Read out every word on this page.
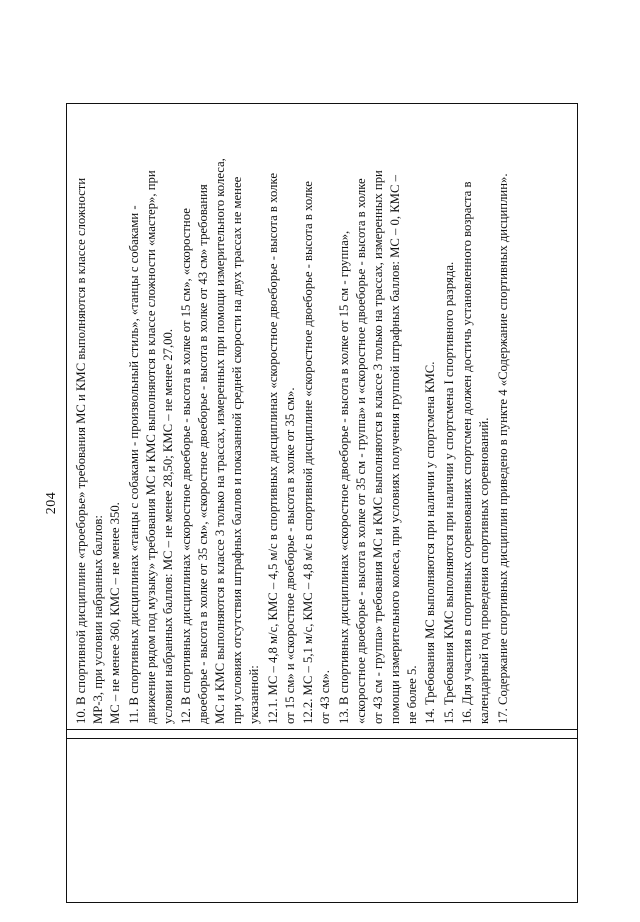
204 10. В спортивной дисциплине «троеборье» требования МС и КМС выполняются в классе сложности МР-3, при условии набранных баллов: МС – не менее 360, КМС – не менее 350. 11. В спортивных дисциплинах «танцы с собаками - произвольный стиль», «танцы с собаками - движение рядом под музыку» требования МС и КМС выполняются в классе сложности «мастер», при условии набранных баллов: МС – не менее 28,50; КМС – не менее 27,00. 12. В спортивных дисциплинах «скоростное двоеборье - высота в холке от 15 см», «скоростное двоеборье - высота в холке от 35 см», «скоростное двоеборье - высота в холке от 43 см» требования МС и КМС выполняются в классе 3 только на трассах, измеренных при помощи измерительного колеса, при условиях отсутствия штрафных баллов и показанной средней скорости на двух трассах не менее указанной: 12.1. МС – 4,8 м/с, КМС – 4,5 м/с в спортивных дисциплинах «скоростное двоеборье - высота в холке от 15 см» и «скоростное двоеборье - высота в холке от 35 см». 12.2. МС – 5,1 м/с, КМС – 4,8 м/с в спортивной дисциплине «скоростное двоеборье - высота в холке от 43 см». 13. В спортивных дисциплинах «скоростное двоеборье - высота в холке от 15 см - группа», «скоростное двоеборье - высота в холке от 35 см - группа» и «скоростное двоеборье - высота в холке от 43 см - группа» требования МС и КМС выполняются в классе 3 только на трассах, измеренных при помощи измерительного колеса, при условиях получения группой штрафных баллов: МС – 0, КМС – не более 5. 14. Требования МС выполняются при наличии у спортсмена КМС. 15. Требования КМС выполняются при наличии у спортсмена I спортивного разряда. 16. Для участия в спортивных соревнованиях спортсмен должен достичь установленного возраста в календарный год проведения спортивных соревнований. 17. Содержание спортивных дисциплин приведено в пункте 4 «Содержание спортивных дисциплин».
